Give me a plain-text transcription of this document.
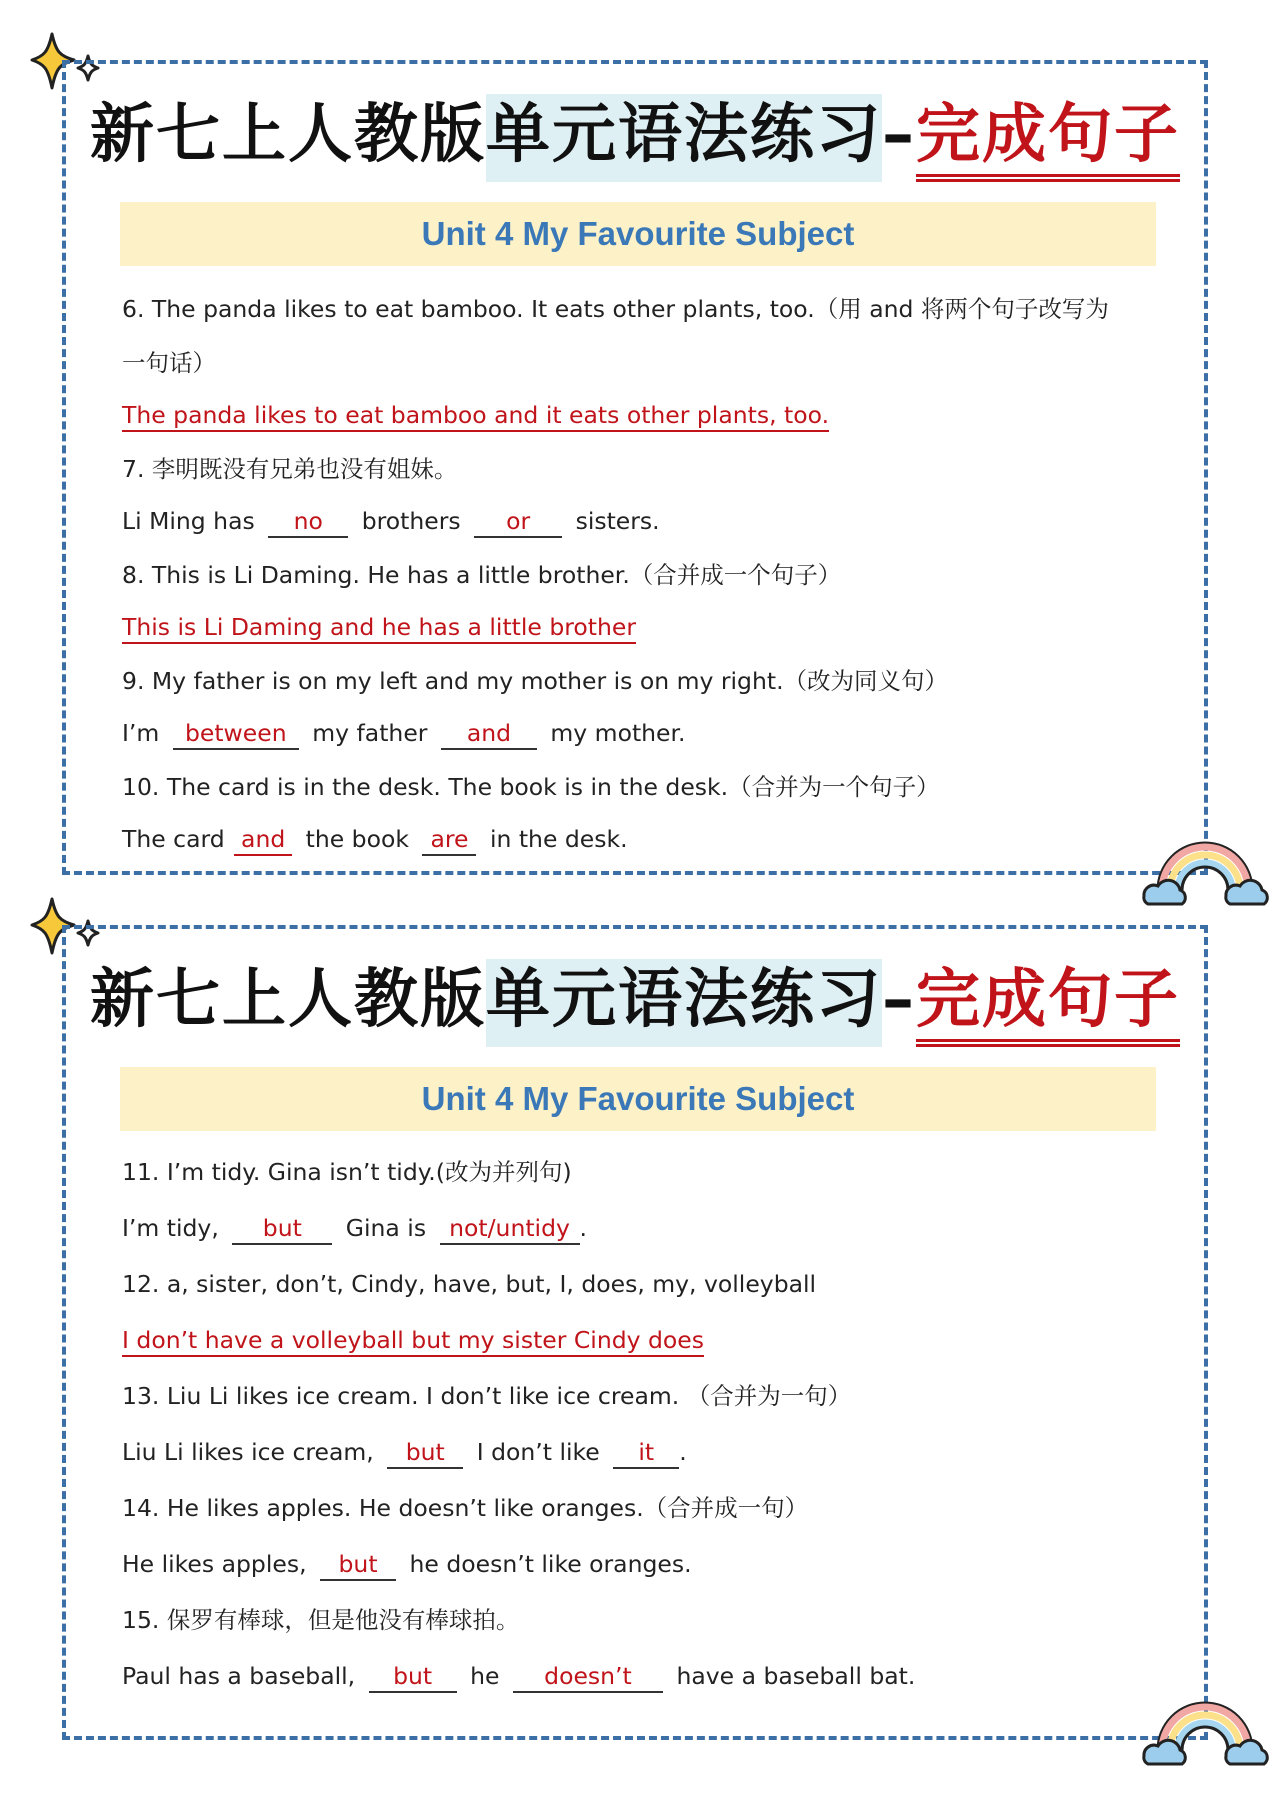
新七上人教版单元语法练习–完成句子
Unit 4 My Favourite Subject
6. The panda likes to eat bamboo. It eats other plants, too.（用 and 将两个句子改写为
一句话）
The panda likes to eat bamboo and it eats other plants, too.
7. 李明既没有兄弟也没有姐妹。
Li Ming has no brothers or sisters.
8. This is Li Daming. He has a little brother.（合并成一个句子）
This is Li Daming and he has a little brother
9. My father is on my left and my mother is on my right.（改为同义句）
I’m between my father and my mother.
10. The card is in the desk. The book is in the desk.（合并为一个句子）
The card and the book are in the desk.
新七上人教版单元语法练习–完成句子
Unit 4 My Favourite Subject
11. I’m tidy. Gina isn’t tidy.(改为并列句)
I’m tidy, but Gina is not/untidy .
12. a, sister, don’t, Cindy, have, but, I, does, my, volleyball
I don’t have a volleyball but my sister Cindy does
13. Liu Li likes ice cream. I don’t like ice cream. （合并为一句）
Liu Li likes ice cream, but I don’t like it .
14. He likes apples. He doesn’t like oranges.（合并成一句）
He likes apples, but he doesn’t like oranges.
15. 保罗有棒球，但是他没有棒球拍。
Paul has a baseball, but he doesn’t have a baseball bat.
